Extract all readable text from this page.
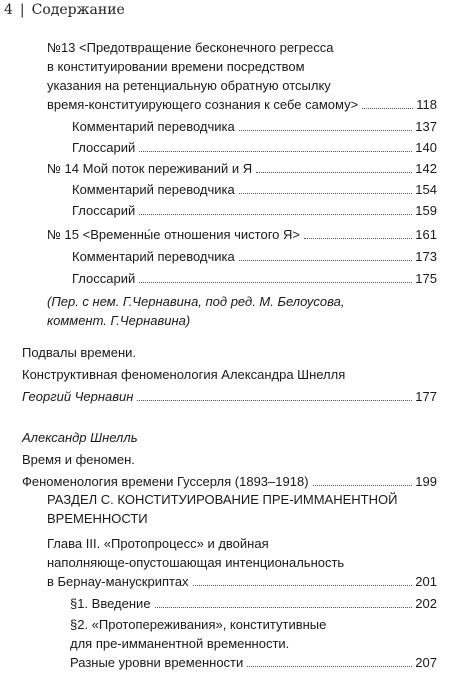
4 | Содержание
№13 <Предотвращение бесконечного регресса
в конституировании времени посредством
указания на ретенциальную обратную отсылку
время-конституирующего сознания к себе самому>	118
Комментарий переводчика	137
Глоссарий	140
№ 14 Мой поток переживаний и Я	142
Комментарий переводчика	154
Глоссарий	159
№ 15 <Временны́е отношения чистого Я>	161
Комментарий переводчика	173
Глоссарий	175
(Пер. с нем. Г.Чернавина, под ред. М. Белоусова,
коммент. Г.Чернавина)
Подвалы времени.
Конструктивная феноменология Александра Шнелля
Георгий Чернавин	177
Александр Шнелль
Время и феномен.
Феноменология времени Гуссерля (1893–1918)	199
РАЗДЕЛ С. КОНСТИТУИРОВАНИЕ ПРЕ-ИММАНЕНТНОЙ
ВРЕМЕННОСТИ
Глава III. «Протопроцесс» и двойная
наполняюще-опустошающая интенциональность
в Бернау-манускриптах	201
§1. Введение	202
§2. «Протопереживания», конститутивные
для пре-имманентной временности.
Разные уровни временности	207
